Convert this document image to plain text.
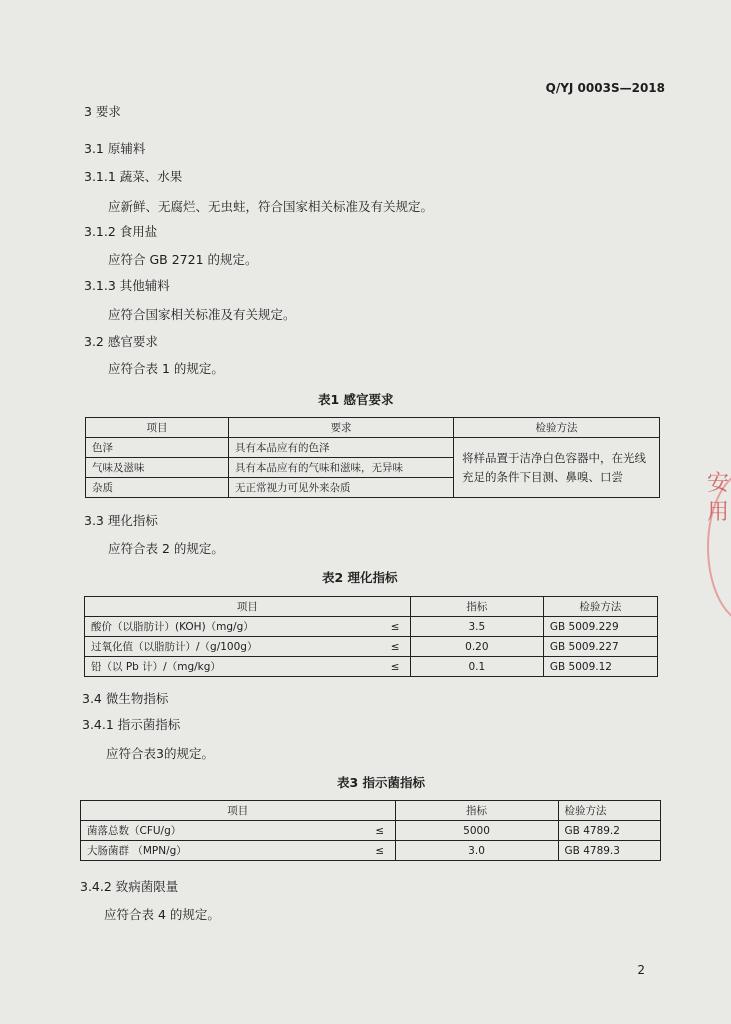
Q/YJ 0003S—2018
3 要求
3.1 原辅料
3.1.1 蔬菜、水果
应新鲜、无腐烂、无虫蛀，符合国家相关标准及有关规定。
3.1.2 食用盐
应符合 GB 2721 的规定。
3.1.3 其他辅料
应符合国家相关标准及有关规定。
3.2 感官要求
应符合表 1 的规定。
表1 感官要求
项目	要求	检验方法
色泽	具有本品应有的色泽	将样品置于洁净白色容器中，在光线充足的条件下目测、鼻嗅、口尝
气味及滋味	具有本品应有的气味和滋味，无异味	
杂质	无正常视力可见外来杂质	
3.3 理化指标
应符合表 2 的规定。
表2 理化指标
项目		指标	检验方法
酸价（以脂肪计）(KOH)（mg/g）	≤	3.5	GB 5009.229
过氧化值（以脂肪计）/（g/100g）	≤	0.20	GB 5009.227
铅（以 Pb 计）/（mg/kg）	≤	0.1	GB 5009.12
3.4 微生物指标
3.4.1 指示菌指标
应符合表3的规定。
表3 指示菌指标
项目		指标	检验方法
菌落总数（CFU/g）	≤	5000	GB 4789.2
大肠菌群 （MPN/g）	≤	3.0	GB 4789.3
3.4.2 致病菌限量
应符合表 4 的规定。
2
安 用
